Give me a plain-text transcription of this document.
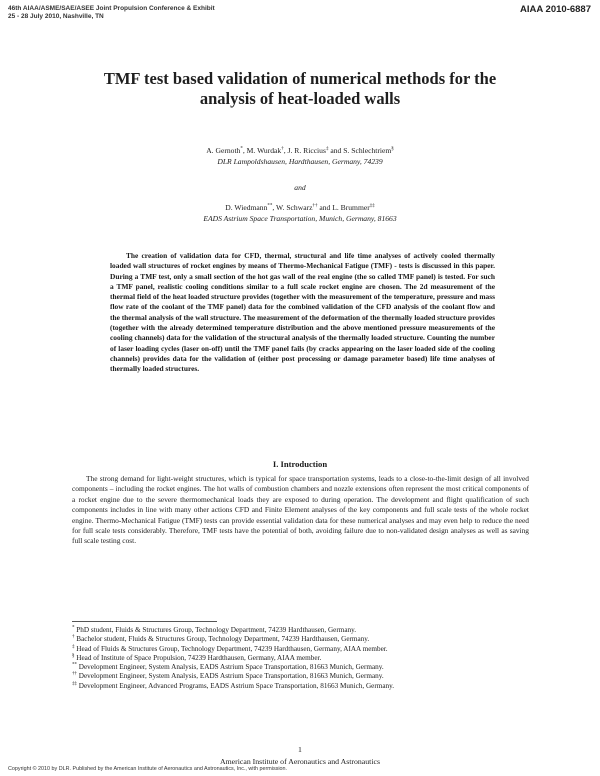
46th AIAA/ASME/SAE/ASEE Joint Propulsion Conference & Exhibit
25 - 28 July 2010, Nashville, TN
AIAA 2010-6887
TMF test based validation of numerical methods for the
analysis of heat-loaded walls
A. Gernoth*, M. Wurdak†, J. R. Riccius‡ and S. Schlechtriem§
DLR Lampoldshausen, Hardthausen, Germany, 74239
and
D. Wiedmann**, W. Schwarz†† and L. Brummer‡‡
EADS Astrium Space Transportation, Munich, Germany, 81663
The creation of validation data for CFD, thermal, structural and life time analyses of actively cooled thermally loaded wall structures of rocket engines by means of Thermo-Mechanical Fatigue (TMF) - tests is discussed in this paper. During a TMF test, only a small section of the hot gas wall of the real engine (the so called TMF panel) is tested. For such a TMF panel, realistic cooling conditions similar to a full scale rocket engine are chosen. The 2d measurement of the thermal field of the heat loaded structure provides (together with the measurement of the temperature, pressure and mass flow rate of the coolant of the TMF panel) data for the combined validation of the CFD analysis of the coolant flow and the thermal analysis of the wall structure. The measurement of the deformation of the thermally loaded structure provides (together with the already determined temperature distribution and the above mentioned pressure measurements of the cooling channels) data for the validation of the structural analysis of the thermally loaded structure. Counting the number of laser loading cycles (laser on-off) until the TMF panel fails (by cracks appearing on the laser loaded side of the cooling channels) provides data for the validation of (either post processing or damage parameter based) life time analyses of thermally loaded structures.
I. Introduction
The strong demand for light-weight structures, which is typical for space transportation systems, leads to a close-to-the-limit design of all involved components – including the rocket engines. The hot walls of combustion chambers and nozzle extensions often represent the most critical components of a rocket engine due to the severe thermomechanical loads they are exposed to during operation. The development and flight qualification of such components includes in line with many other actions CFD and Finite Element analyses of the key components and full scale tests of the whole rocket engine. Thermo-Mechanical Fatigue (TMF) tests can provide essential validation data for these numerical analyses and may even help to reduce the need for full scale tests considerably. Therefore, TMF tests have the potential of both, avoiding failure due to non-validated design analyses as well as saving full scale testing cost.
* PhD student, Fluids & Structures Group, Technology Department, 74239 Hardthausen, Germany.
† Bachelor student, Fluids & Structures Group, Technology Department, 74239 Hardthausen, Germany.
‡ Head of Fluids & Structures Group, Technology Department, 74239 Hardthausen, Germany, AIAA member.
§ Head of Institute of Space Propulsion, 74239 Hardthausen, Germany, AIAA member.
** Development Engineer, System Analysis, EADS Astrium Space Transportation, 81663 Munich, Germany.
†† Development Engineer, System Analysis, EADS Astrium Space Transportation, 81663 Munich, Germany.
‡‡ Development Engineer, Advanced Programs, EADS Astrium Space Transportation, 81663 Munich, Germany.
1
American Institute of Aeronautics and Astronautics
Copyright © 2010 by DLR. Published by the American Institute of Aeronautics and Astronautics, Inc., with permission.
